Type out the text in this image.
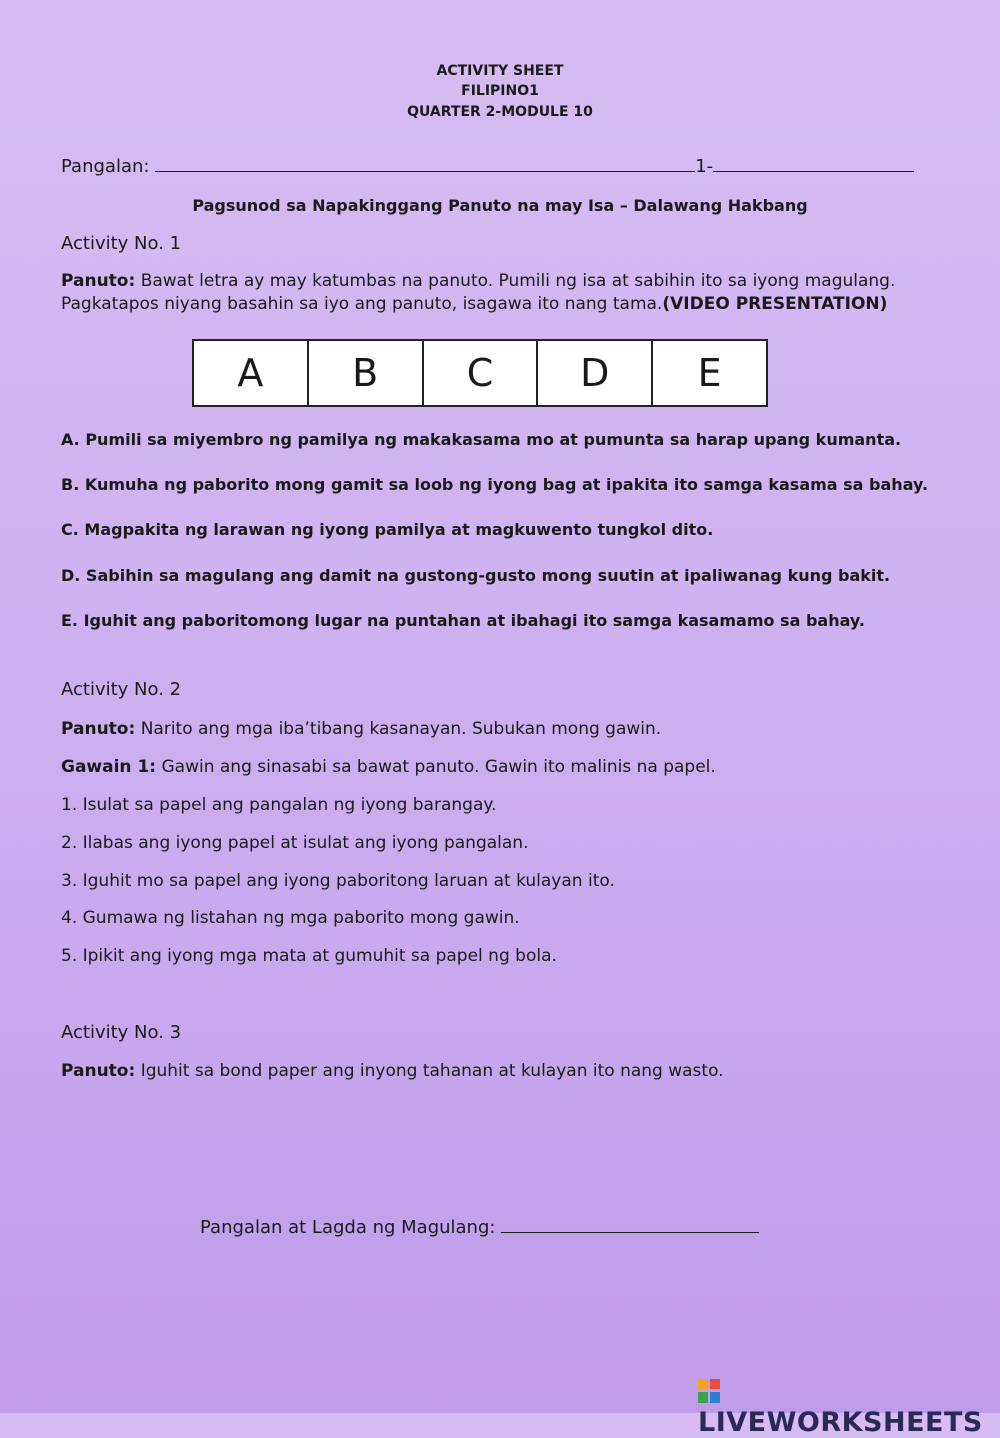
ACTIVITY SHEET
FILIPINO1
QUARTER 2-MODULE 10
Pangalan:	1-
Pagsunod sa Napakinggang Panuto na may Isa – Dalawang Hakbang
Activity No. 1
Panuto: Bawat letra ay may katumbas na panuto. Pumili ng isa at sabihin ito sa iyong magulang.
Pagkatapos niyang basahin sa iyo ang panuto, isagawa ito nang tama.(VIDEO PRESENTATION)
A	B	C	D	E
A. Pumili sa miyembro ng pamilya ng makakasama mo at pumunta sa harap upang kumanta.
B. Kumuha ng paborito mong gamit sa loob ng iyong bag at ipakita ito samga kasama sa bahay.
C. Magpakita ng larawan ng iyong pamilya at magkuwento tungkol dito.
D. Sabihin sa magulang ang damit na gustong-gusto mong suutin at ipaliwanag kung bakit.
E. Iguhit ang paboritomong lugar na puntahan at ibahagi ito samga kasamamo sa bahay.
Activity No. 2
Panuto: Narito ang mga iba’tibang kasanayan. Subukan mong gawin.
Gawain 1: Gawin ang sinasabi sa bawat panuto. Gawin ito malinis na papel.
1. Isulat sa papel ang pangalan ng iyong barangay.
2. Ilabas ang iyong papel at isulat ang iyong pangalan.
3. Iguhit mo sa papel ang iyong paboritong laruan at kulayan ito.
4. Gumawa ng listahan ng mga paborito mong gawin.
5. Ipikit ang iyong mga mata at gumuhit sa papel ng bola.
Activity No. 3
Panuto: Iguhit sa bond paper ang inyong tahanan at kulayan ito nang wasto.
Pangalan at Lagda ng Magulang:
LIVEWORKSHEETS
